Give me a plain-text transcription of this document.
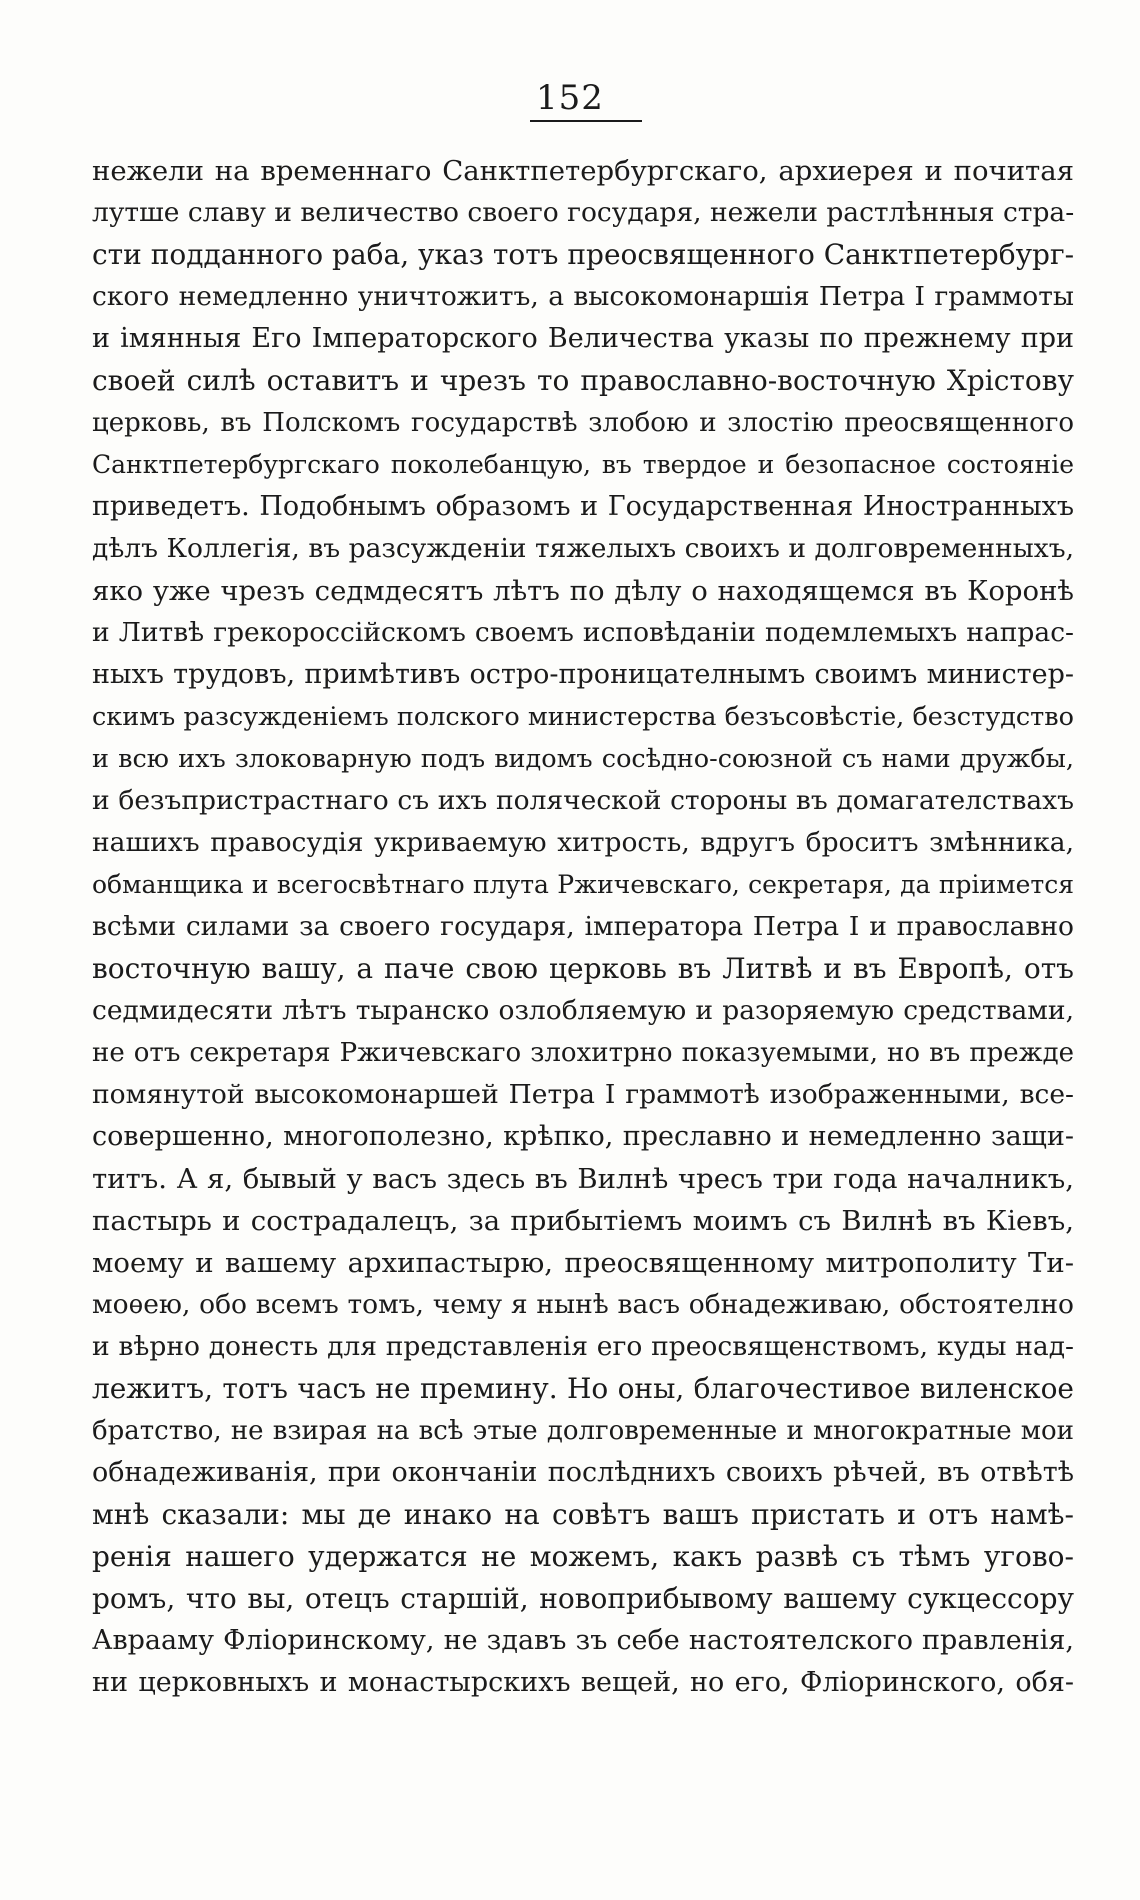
152
нежели на временнаго Санктпетербургскаго, архиерея и почитая
лутше славу и величество своего государя, нежели растлѣнныя стра-
сти подданного раба, указ тотъ преосвященного Санктпетербург-
ского немедленно уничтожитъ, а высокомонаршія Петра I граммоты
и імянныя Его Імператорского Величества указы по прежнему при
своей силѣ оставитъ и чрезъ то православно-восточную Хрістову
церковь, въ Полскомъ государствѣ злобою и злостію преосвященного
Санктпетербургскаго поколебанцую, въ твердое и безопасное состояніе
приведетъ. Подобнымъ образомъ и Государственная Иностранныхъ
дѣлъ Коллегія, въ разсужденіи тяжелыхъ своихъ и долговременныхъ,
яко уже чрезъ седмдесятъ лѣтъ по дѣлу о находящемся въ Коронѣ
и Литвѣ грекороссійскомъ своемъ исповѣданіи подемлемыхъ напрас-
ныхъ трудовъ, примѣтивъ остро-проницателнымъ своимъ министер-
скимъ разсужденіемъ полского министерства безъсовѣстіе, безстудство
и всю ихъ злоковарную подъ видомъ сосѣдно-союзной съ нами дружбы,
и безъпристрастнаго съ ихъ поляческой стороны въ домагателствахъ
нашихъ правосудія укриваемую хитрость, вдругъ броситъ змѣнника,
обманщика и всегосвѣтнаго плута Ржичевскаго, секретаря, да пріимется
всѣми силами за своего государя, імператора Петра I и православно
восточную вашу, а паче свою церковь въ Литвѣ и въ Европѣ, отъ
седмидесяти лѣтъ тыранско озлобляемую и разоряемую средствами,
не отъ секретаря Ржичевскаго злохитрно показуемыми, но въ прежде
помянутой высокомонаршей Петра I граммотѣ изображенными, все-
совершенно, многополезно, крѣпко, преславно и немедленно защи-
титъ. А я, бывый у васъ здесь въ Вилнѣ чресъ три года началникъ,
пастырь и сострадалецъ, за прибытіемъ моимъ съ Вилнѣ въ Кіевъ,
моему и вашему архипастырю, преосвященному митрополиту Ти-
моѳею, обо всемъ томъ, чему я нынѣ васъ обнадеживаю, обстоятелно
и вѣрно донесть для представленія его преосвященствомъ, куды над-
лежитъ, тотъ часъ не премину. Но оны, благочестивое виленское
братство, не взирая на всѣ этые долговременные и многократные мои
обнадеживанія, при окончаніи послѣднихъ своихъ рѣчей, въ отвѣтѣ
мнѣ сказали: мы де инако на совѣтъ вашъ пристать и отъ намѣ-
ренія нашего удержатся не можемъ, какъ развѣ съ тѣмъ угово-
ромъ, что вы, отецъ старшій, новоприбывому вашему сукцессору
Авраaму Фліоринскому, не здавъ зъ себе настоятелского правленія,
ни церковныхъ и монастырскихъ вещей, но его, Фліоринского, обя-
